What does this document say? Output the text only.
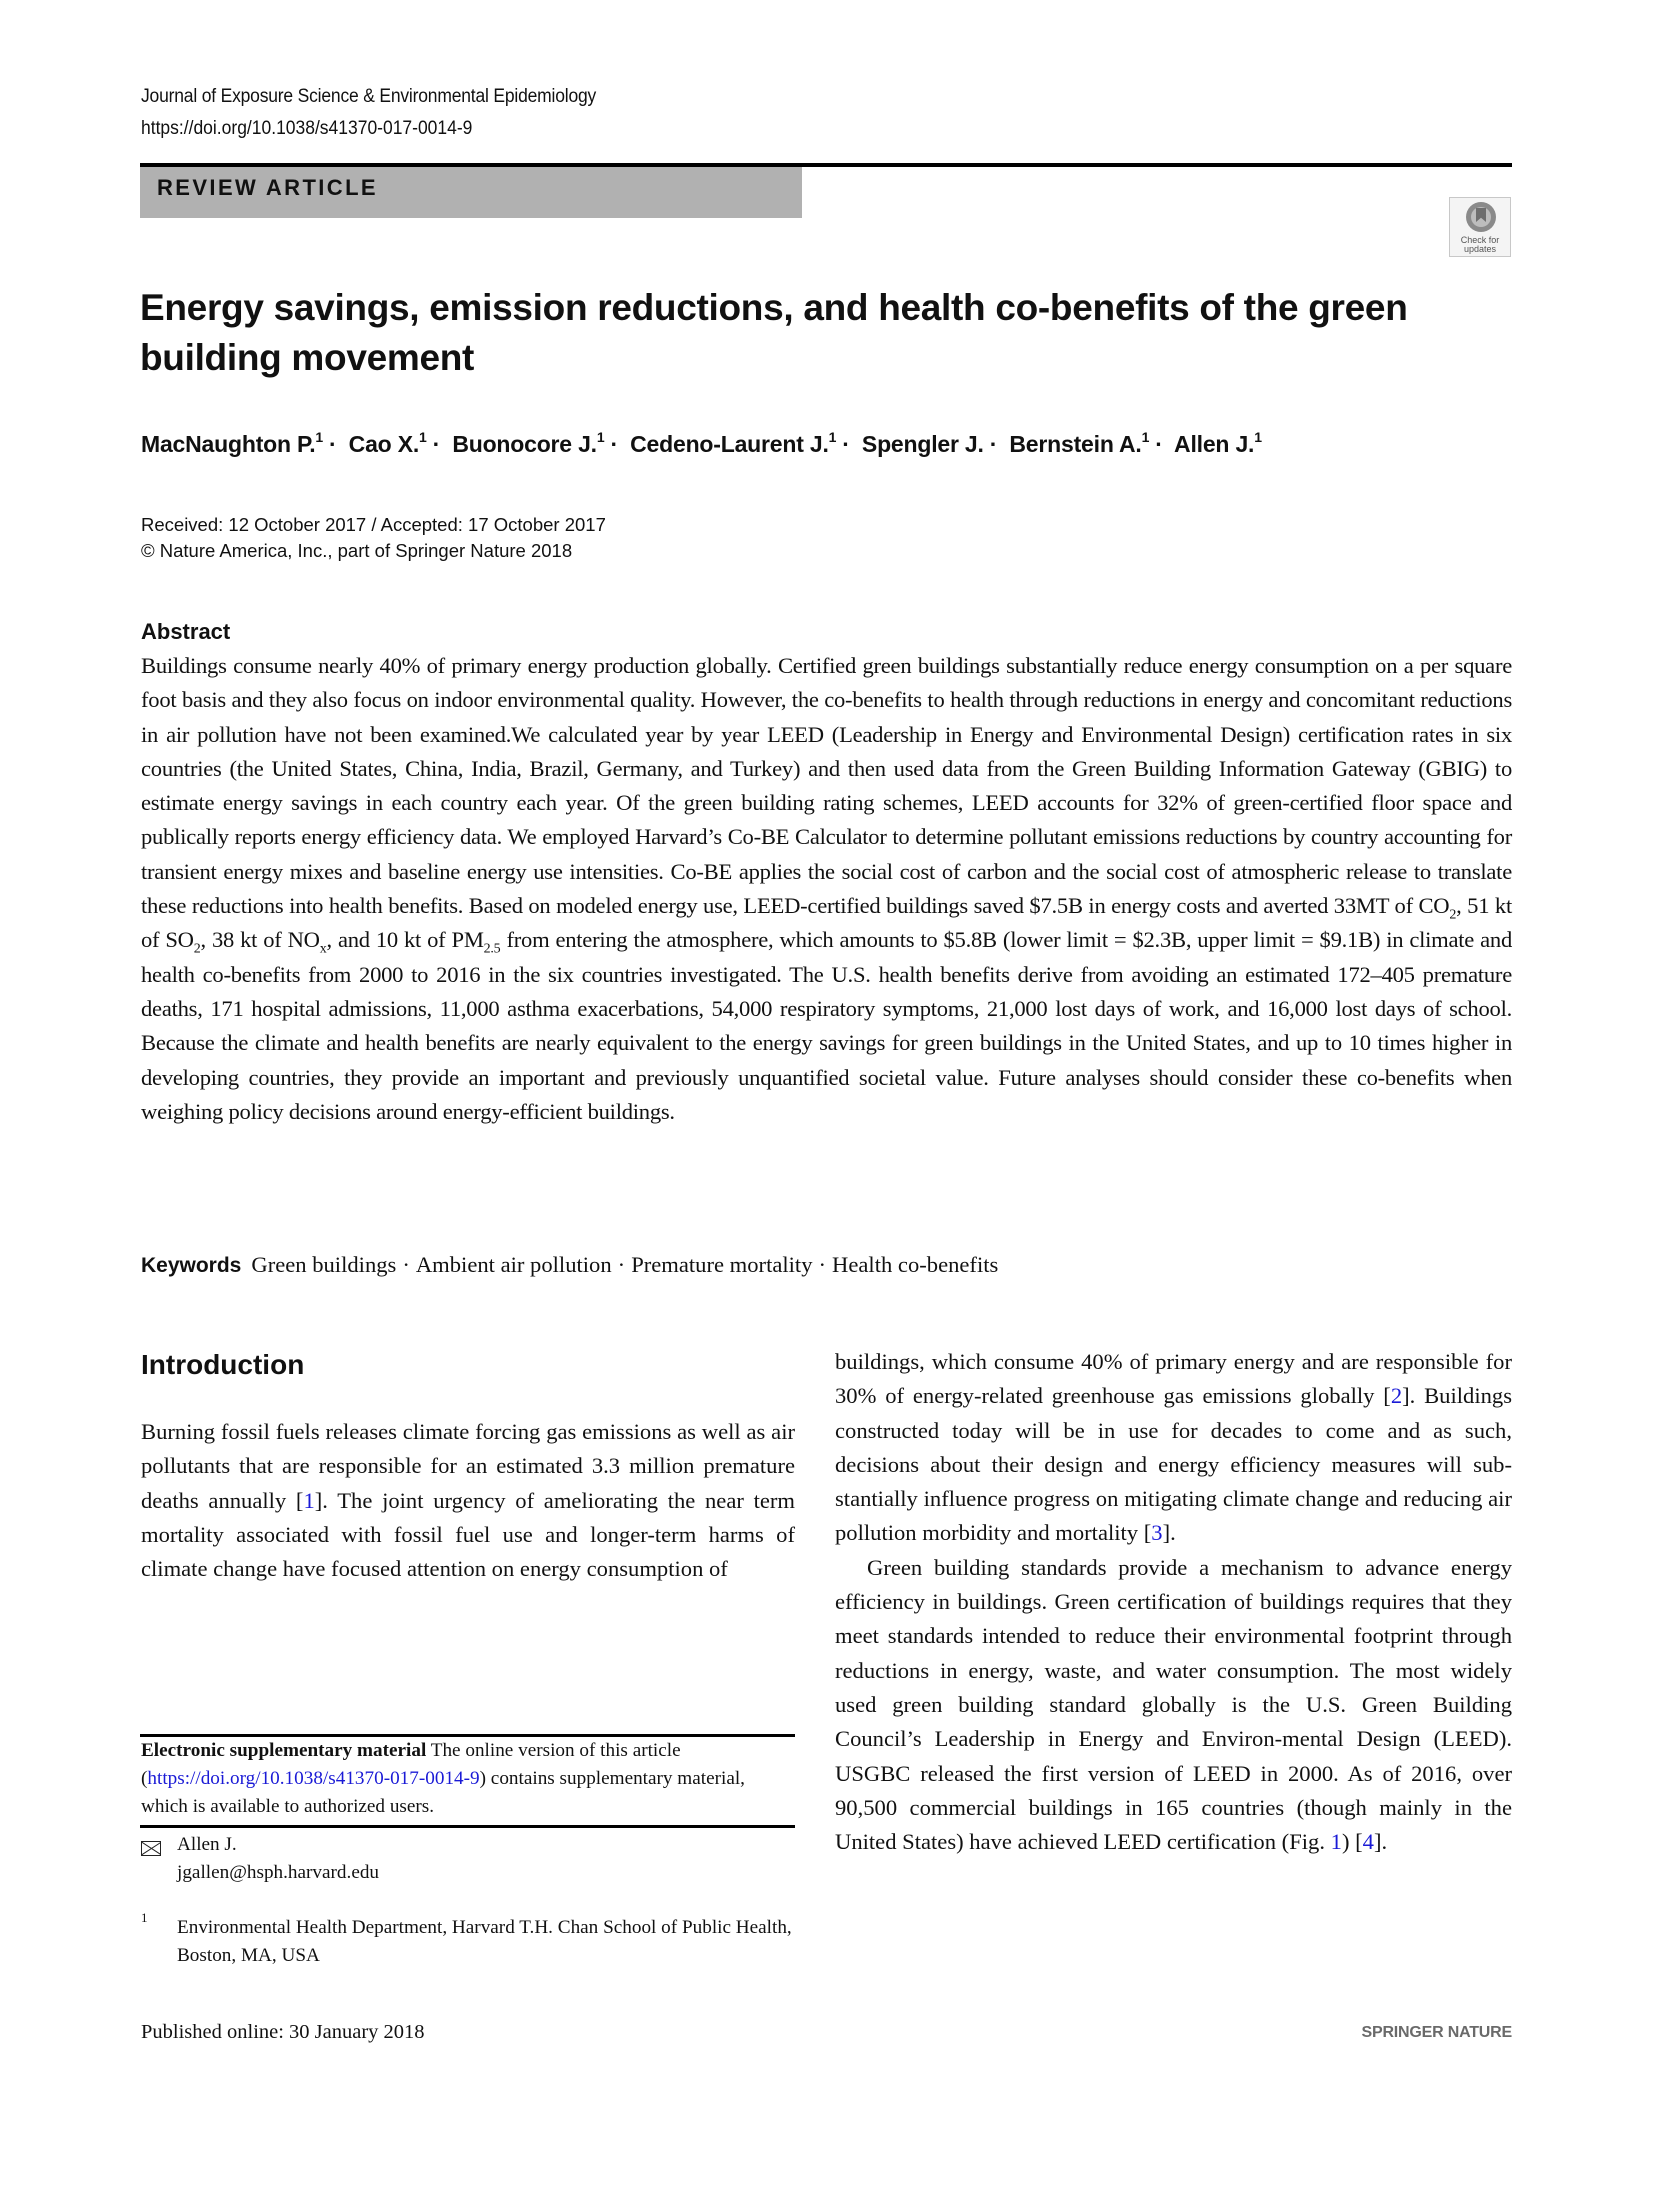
Journal of Exposure Science & Environmental Epidemiology
https://doi.org/10.1038/s41370-017-0014-9
REVIEW ARTICLE
Check for
updates
Energy savings, emission reductions, and health co-benefits of the green building movement
MacNaughton P.$^1$ · Cao X.$^1$ · Buonocore J.$^1$ · Cedeno-Laurent J.$^1$ · Spengler J. · Bernstein A.$^1$ · Allen J.$^1$
Received: 12 October 2017 / Accepted: 17 October 2017
© Nature America, Inc., part of Springer Nature 2018
Abstract
Buildings consume nearly 40% of primary energy production globally. Certified green buildings substantially reduce energy consumption on a per square foot basis and they also focus on indoor environmental quality. However, the co-benefits to health through reductions in energy and concomitant reductions in air pollution have not been examined.We calculated year by year LEED (Leadership in Energy and Environmental Design) certification rates in six countries (the United States, China, India, Brazil, Germany, and Turkey) and then used data from the Green Building Information Gateway (GBIG) to estimate energy savings in each country each year. Of the green building rating schemes, LEED accounts for 32% of green-certified floor space and publically reports energy efficiency data. We employed Harvard’s Co-BE Calculator to determine pollutant emissions reductions by country accounting for transient energy mixes and baseline energy use intensities. Co-BE applies the social cost of carbon and the social cost of atmospheric release to translate these reductions into health benefits. Based on modeled energy use, LEED-certified buildings saved $7.5B in energy costs and averted 33MT of $CO_2$, 51 kt of $SO_2$, 38 kt of $NO_x$, and 10 kt of $PM_{2.5}$ from entering the atmosphere, which amounts to $5.8B (lower limit = $2.3B, upper limit = $9.1B) in climate and health co-benefits from 2000 to 2016 in the six countries investigated. The U.S. health benefits derive from avoiding an estimated 172–405 premature deaths, 171 hospital admissions, 11,000 asthma exacerbations, 54,000 respiratory symptoms, 21,000 lost days of work, and 16,000 lost days of school. Because the climate and health benefits are nearly equivalent to the energy savings for green buildings in the United States, and up to 10 times higher in developing countries, they provide an important and previously unquantified societal value. Future analyses should consider these co-benefits when weighing policy decisions around energy-efficient buildings.
Keywords Green buildings · Ambient air pollution · Premature mortality · Health co-benefits
Introduction

Burning fossil fuels releases climate forcing gas emissions as well as air pollutants that are responsible for an estimated 3.3 million premature deaths annually [1]. The joint urgency of ameliorating the near term mortality associated with fossil fuel use and longer-term harms of climate change have focused attention on energy consumption of

buildings, which consume 40% of primary energy and are responsible for 30% of energy-related greenhouse gas emissions globally [2]. Buildings constructed today will be in use for decades to come and as such, decisions about their design and energy efficiency measures will sub-stantially influence progress on mitigating climate change and reducing air pollution morbidity and mortality [3].

Green building standards provide a mechanism to advance energy efficiency in buildings. Green certification of buildings requires that they meet standards intended to reduce their environmental footprint through reductions in energy, waste, and water consumption. The most widely used green building standard globally is the U.S. Green Building Council’s Leadership in Energy and Environ-mental Design (LEED). USGBC released the first version of LEED in 2000. As of 2016, over 90,500 commercial buildings in 165 countries (though mainly in the United States) have achieved LEED certification (Fig. 1) [4].

Electronic supplementary material The online version of this article (https://doi.org/10.1038/s41370-017-0014-9) contains supplementary material, which is available to authorized users.
Allen J.
jgallen@hsph.harvard.edu
1 Environmental Health Department, Harvard T.H. Chan School of Public Health, Boston, MA, USA
Published online: 30 January 2018	SPRINGER NATURE
